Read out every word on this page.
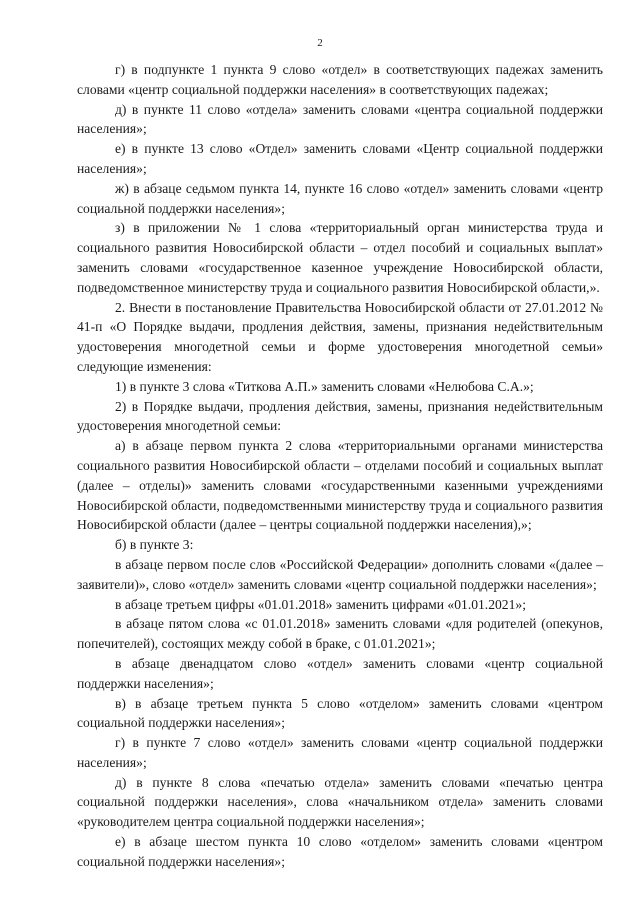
2

г) в подпункте 1 пункта 9 слово «отдел» в соответствующих падежах заменить словами «центр социальной поддержки населения» в соответствующих падежах;

д) в пункте 11 слово «отдела» заменить словами «центра социальной поддержки населения»;

е) в пункте 13 слово «Отдел» заменить словами «Центр социальной поддержки населения»;

ж) в абзаце седьмом пункта 14, пункте 16 слово «отдел» заменить словами «центр социальной поддержки населения»;

з) в приложении № 1 слова «территориальный орган министерства труда и социального развития Новосибирской области – отдел пособий и социальных выплат» заменить словами «государственное казенное учреждение Новосибирской области, подведомственное министерству труда и социального развития Новосибирской области,».

2. Внести в постановление Правительства Новосибирской области от 27.01.2012 № 41-п «О Порядке выдачи, продления действия, замены, признания недействительным удостоверения многодетной семьи и форме удостоверения многодетной семьи» следующие изменения:

1) в пункте 3 слова «Титкова А.П.» заменить словами «Нелюбова С.А.»;

2) в Порядке выдачи, продления действия, замены, признания недействительным удостоверения многодетной семьи:

а) в абзаце первом пункта 2 слова «территориальными органами министерства социального развития Новосибирской области – отделами пособий и социальных выплат (далее – отделы)» заменить словами «государственными казенными учреждениями Новосибирской области, подведомственными министерству труда и социального развития Новосибирской области (далее – центры социальной поддержки населения),»;

б) в пункте 3:

в абзаце первом после слов «Российской Федерации» дополнить словами «(далее – заявители)», слово «отдел» заменить словами «центр социальной поддержки населения»;

в абзаце третьем цифры «01.01.2018» заменить цифрами «01.01.2021»;

в абзаце пятом слова «с 01.01.2018» заменить словами «для родителей (опекунов, попечителей), состоящих между собой в браке, с 01.01.2021»;

в абзаце двенадцатом слово «отдел» заменить словами «центр социальной поддержки населения»;

в) в абзаце третьем пункта 5 слово «отделом» заменить словами «центром социальной поддержки населения»;

г) в пункте 7 слово «отдел» заменить словами «центр социальной поддержки населения»;

д) в пункте 8 слова «печатью отдела» заменить словами «печатью центра социальной поддержки населения», слова «начальником отдела» заменить словами «руководителем центра социальной поддержки населения»;

е) в абзаце шестом пункта 10 слово «отделом» заменить словами «центром социальной поддержки населения»;
